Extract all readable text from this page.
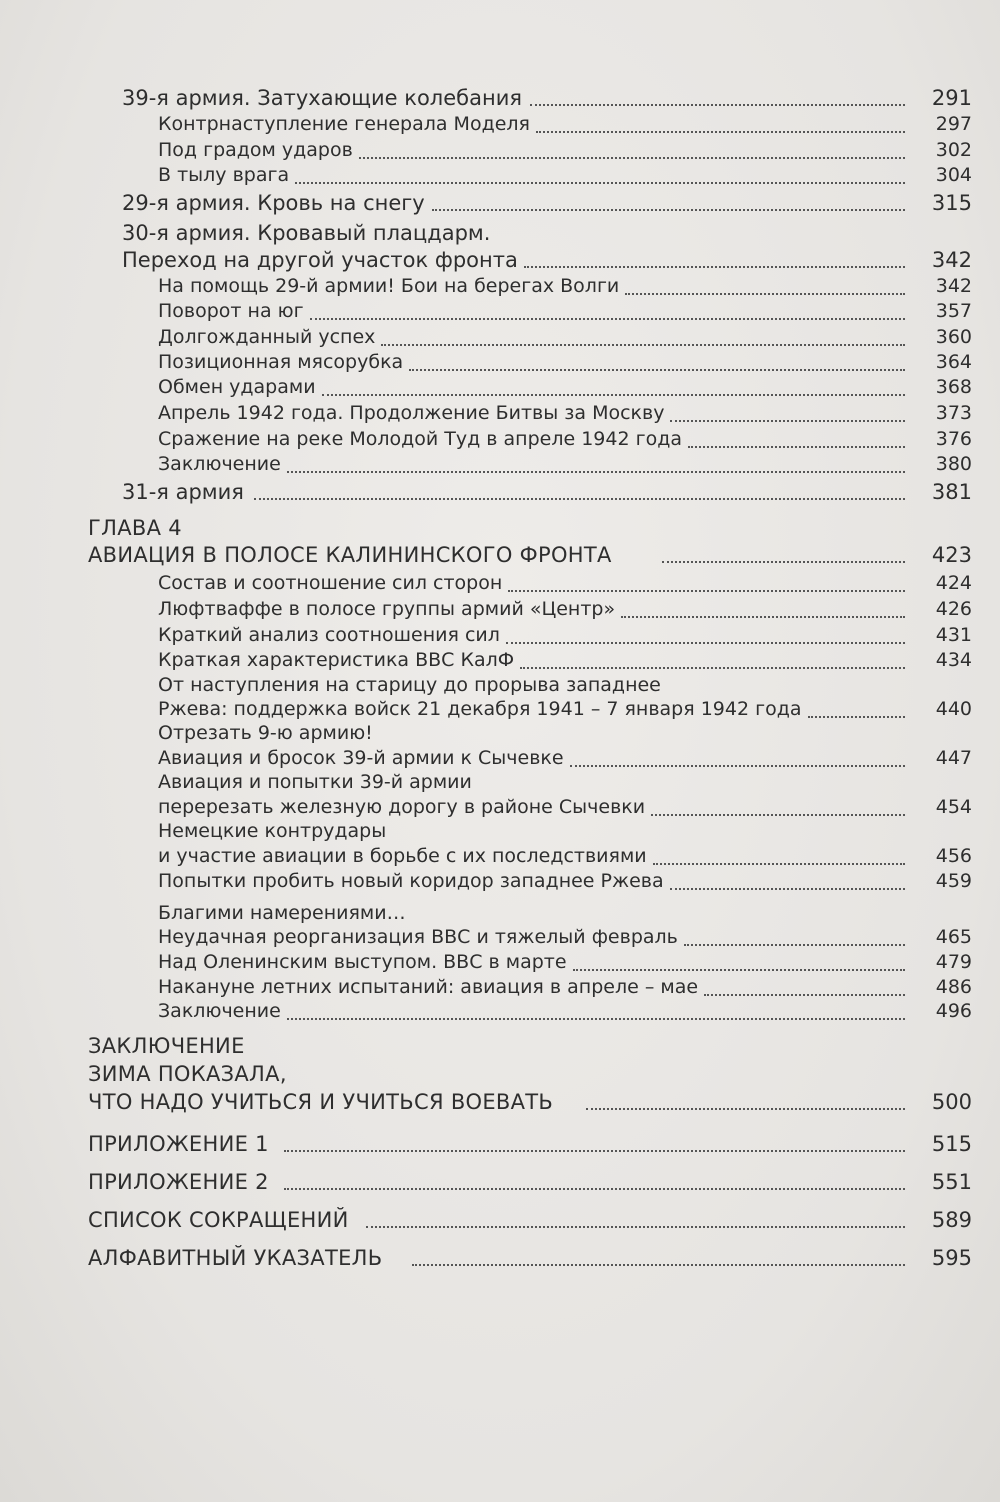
39-я армия. Затухающие колебания	291
Контрнаступление генерала Моделя	297
Под градом ударов	302
В тылу врага	304
29-я армия. Кровь на снегу	315
30-я армия. Кровавый плацдарм.
Переход на другой участок фронта	342
На помощь 29-й армии! Бои на берегах Волги	342
Поворот на юг	357
Долгожданный успех	360
Позиционная мясорубка	364
Обмен ударами	368
Апрель 1942 года. Продолжение Битвы за Москву	373
Сражение на реке Молодой Туд в апреле 1942 года	376
Заключение	380
31-я армия	381
ГЛАВА 4
АВИАЦИЯ В ПОЛОСЕ КАЛИНИНСКОГО ФРОНТА	423
Состав и соотношение сил сторон	424
Люфтваффе в полосе группы армий «Центр»	426
Краткий анализ соотношения сил	431
Краткая характеристика ВВС КалФ	434
От наступления на старицу до прорыва западнее
Ржева: поддержка войск 21 декабря 1941 – 7 января 1942 года	440
Отрезать 9-ю армию!
Авиация и бросок 39-й армии к Сычевке	447
Авиация и попытки 39-й армии
перерезать железную дорогу в районе Сычевки	454
Немецкие контрудары
и участие авиации в борьбе с их последствиями	456
Попытки пробить новый коридор западнее Ржева	459
Благими намерениями…
Неудачная реорганизация ВВС и тяжелый февраль	465
Над Оленинским выступом. ВВС в марте	479
Накануне летних испытаний: авиация в апреле – мае	486
Заключение	496
ЗАКЛЮЧЕНИЕ
ЗИМА ПОКАЗАЛА,
ЧТО НАДО УЧИТЬСЯ И УЧИТЬСЯ ВОЕВАТЬ	500
ПРИЛОЖЕНИЕ 1	515
ПРИЛОЖЕНИЕ 2	551
СПИСОК СОКРАЩЕНИЙ	589
АЛФАВИТНЫЙ УКАЗАТЕЛЬ	595
